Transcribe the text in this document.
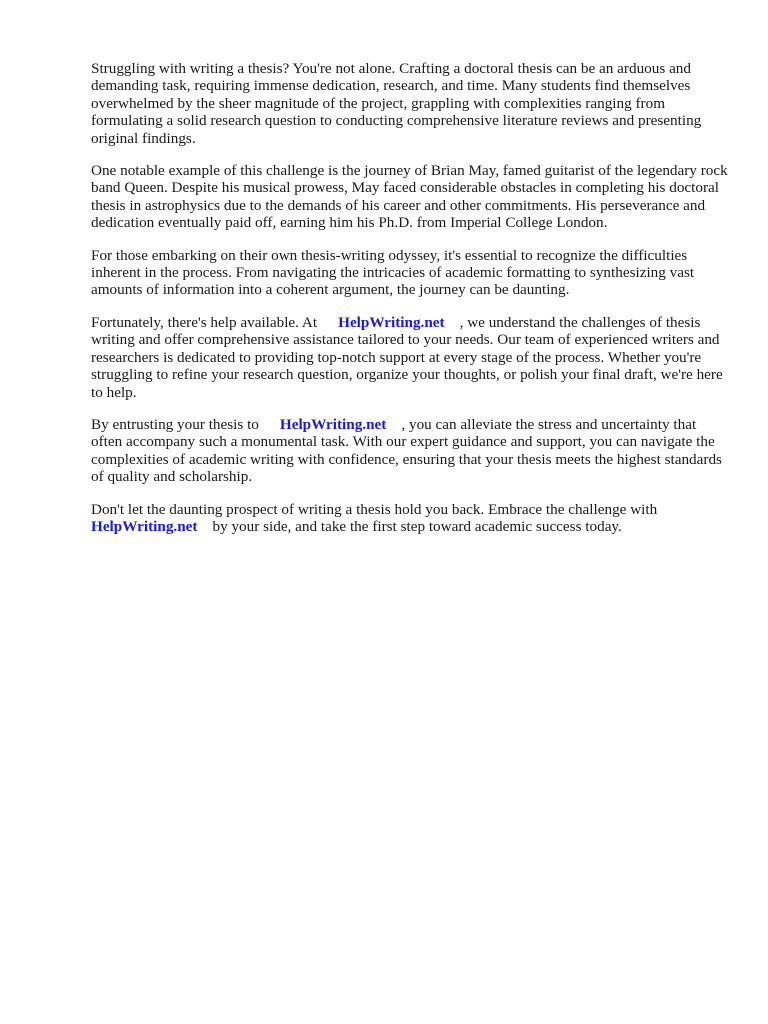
Struggling with writing a thesis? You're not alone. Crafting a doctoral thesis can be an arduous and demanding task, requiring immense dedication, research, and time. Many students find themselves overwhelmed by the sheer magnitude of the project, grappling with complexities ranging from formulating a solid research question to conducting comprehensive literature reviews and presenting original findings.

One notable example of this challenge is the journey of Brian May, famed guitarist of the legendary rock band Queen. Despite his musical prowess, May faced considerable obstacles in completing his doctoral thesis in astrophysics due to the demands of his career and other commitments. His perseverance and dedication eventually paid off, earning him his Ph.D. from Imperial College London.

For those embarking on their own thesis-writing odyssey, it's essential to recognize the difficulties inherent in the process. From navigating the intricacies of academic formatting to synthesizing vast amounts of information into a coherent argument, the journey can be daunting.

Fortunately, there's help available. At HelpWriting.net , we understand the challenges of thesis writing and offer comprehensive assistance tailored to your needs. Our team of experienced writers and researchers is dedicated to providing top-notch support at every stage of the process. Whether you're struggling to refine your research question, organize your thoughts, or polish your final draft, we're here to help.

By entrusting your thesis to HelpWriting.net , you can alleviate the stress and uncertainty that often accompany such a monumental task. With our expert guidance and support, you can navigate the complexities of academic writing with confidence, ensuring that your thesis meets the highest standards of quality and scholarship.

Don't let the daunting prospect of writing a thesis hold you back. Embrace the challenge with
HelpWriting.net by your side, and take the first step toward academic success today.
